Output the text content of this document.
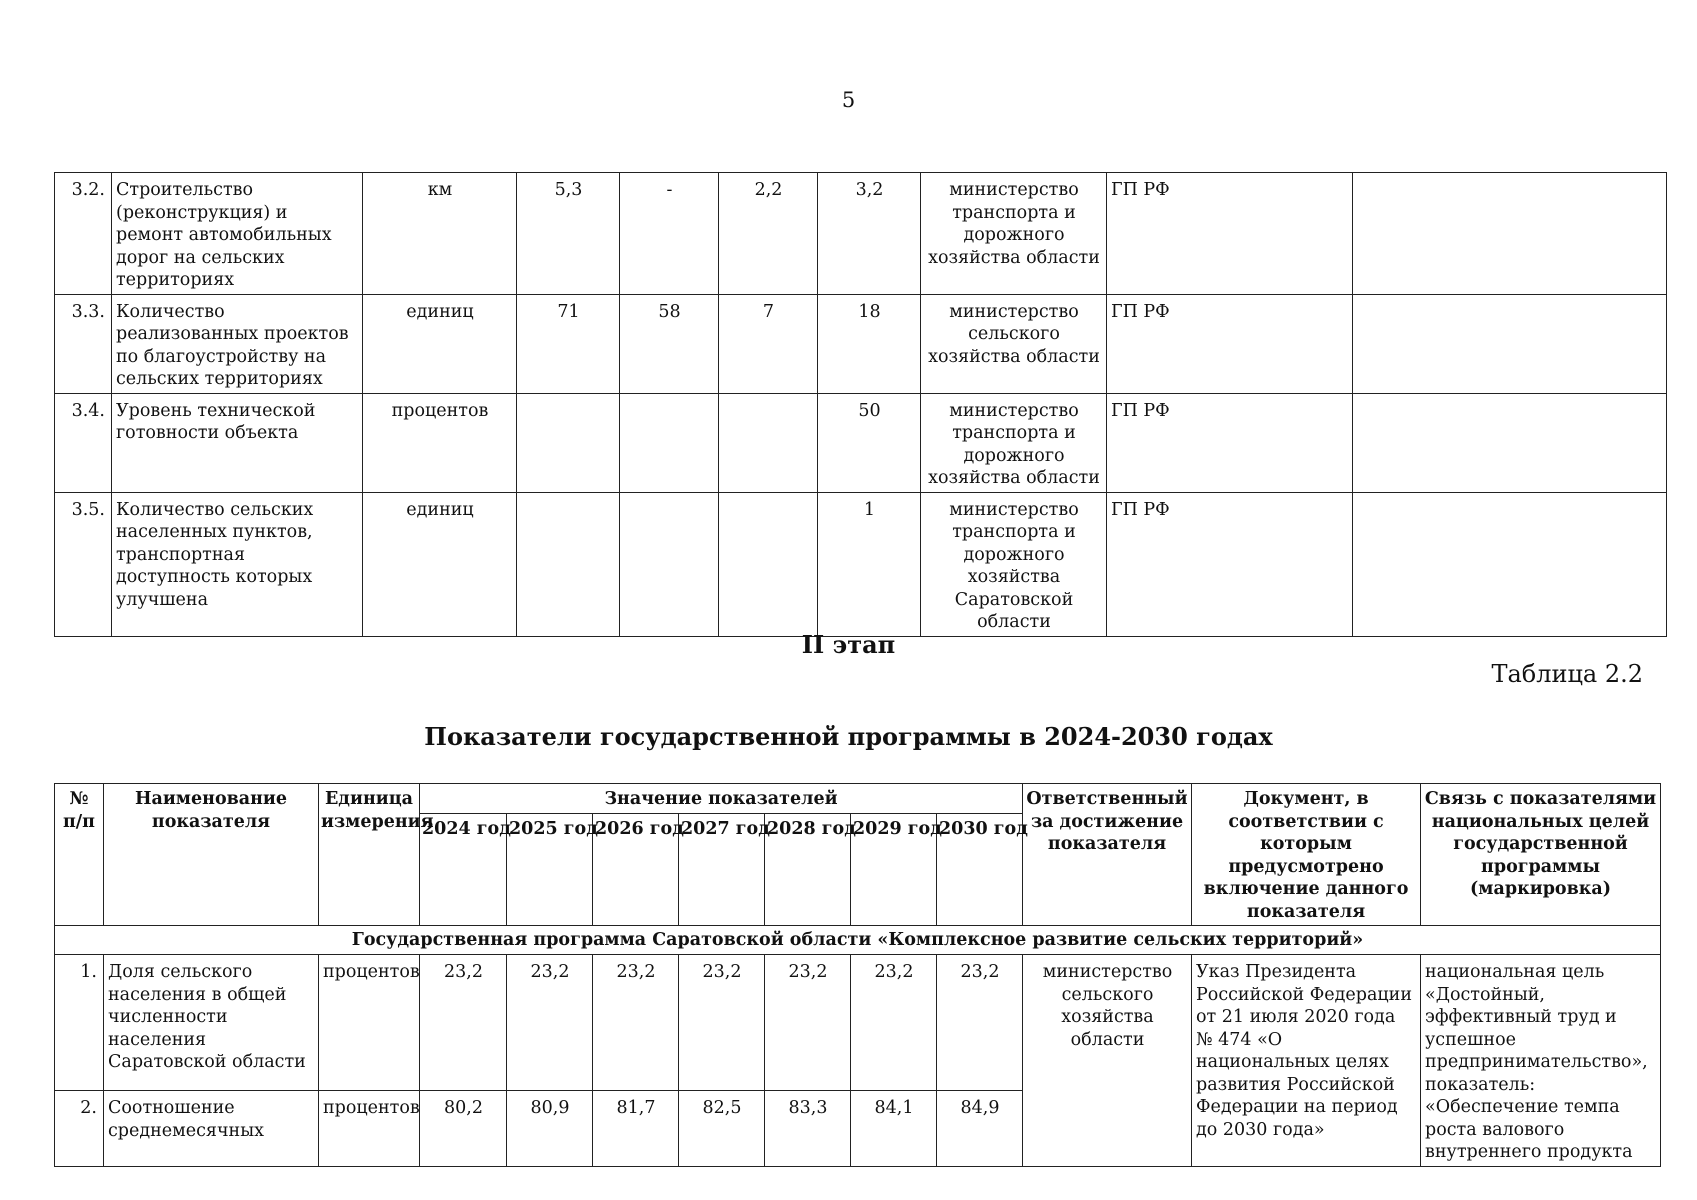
5
3.2.	Строительство (реконструкция) и ремонт автомобильных дорог на сельских территориях	км	5,3	-	2,2	3,2	министерство транспорта и дорожного хозяйства области	ГП РФ	
3.3.	Количество реализованных проектов по благоустройству на сельских территориях	единиц	71	58	7	18	министерство сельского хозяйства области	ГП РФ	
3.4.	Уровень технической готовности объекта	процентов				50	министерство транспорта и дорожного хозяйства области	ГП РФ	
3.5.	Количество сельских населенных пунктов, транспортная доступность которых улучшена	единиц				1	министерство транспорта и дорожного хозяйства Саратовской области	ГП РФ	
II этап
Таблица 2.2
Показатели государственной программы в 2024-2030 годах
№ п/п	Наименование показателя	Единица измерения	Значение показателей							Ответственный за достижение показателя	Документ, в соответствии с которым предусмотрено включение данного показателя	Связь с показателями национальных целей государственной программы (маркировка)
			2024 год	2025 год	2026 год	2027 год	2028 год	2029 год	2030 год			
Государственная программа Саратовской области «Комплексное развитие сельских территорий»												
1.	Доля сельского населения в общей численности населения Саратовской области	процентов	23,2	23,2	23,2	23,2	23,2	23,2	23,2	министерство сельского хозяйства области	Указ Президента Российской Федерации от 21 июля 2020 года № 474 «О национальных целях развития Российской Федерации на период до 2030 года»	национальная цель «Достойный, эффективный труд и успешное предпринимательство», показатель: «Обеспечение темпа роста валового внутреннего продукта
2.	Соотношение среднемесячных	процентов	80,2	80,9	81,7	82,5	83,3	84,1	84,9			
